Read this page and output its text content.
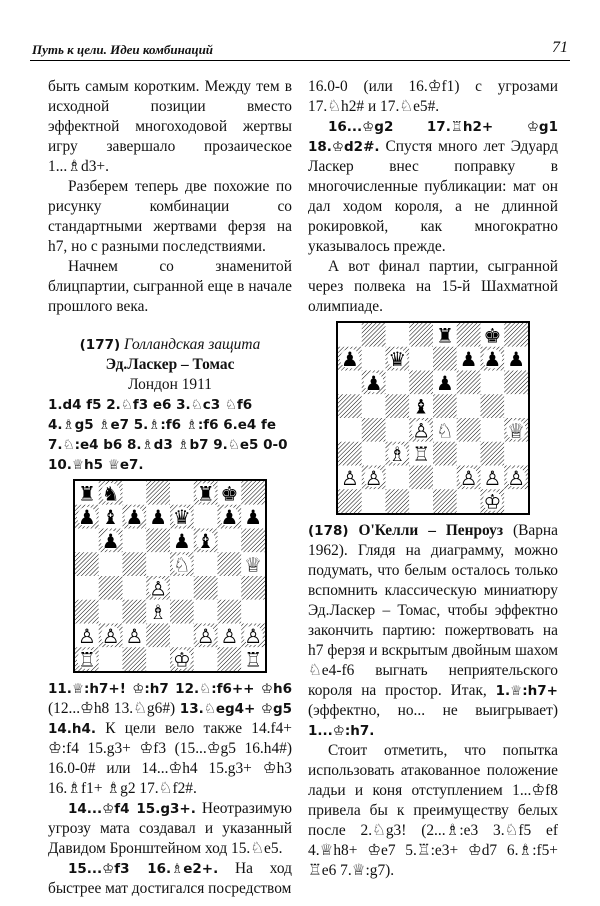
Путь к цели. Идеи комбинаций	71

быть самым коротким. Между тем в исходной позиции вместо эффектной многоходовой жертвы игру завершало прозаическое 1...♗d3+.

Разберем теперь две похожие по рисунку комбинации со стандартными жертвами ферзя на h7, но с разными последствиями.

Начнем со знаменитой блицпартии, сыгранной еще в начале прошлого века.

(177) Голландская защита

Эд.Ласкер – Томас

Лондон 1911

1.d4 f5 2.♘f3 e6 3.♘c3 ♘f6 4.♗g5 ♗e7 5.♗:f6 ♗:f6 6.e4 fe 7.♘:e4 b6 8.♗d3 ♗b7 9.♘e5 0-0 10.♕h5 ♕e7.

♜ ♞	♜ ♚
♟ ♝ ♟ ♟ ♛ ♟ ♟
♟	♟ ♝
♘	♕
♙
♗
♙ ♙ ♙	♙ ♙ ♙
♖	♔	♖

11.♕:h7+! ♔:h7 12.♘:f6++ ♔h6 (12...♔h8 13.♘g6#) 13.♘eg4+ ♔g5 14.h4. К цели вело также 14.f4+ ♔:f4 15.g3+ ♔f3 (15...♔g5 16.h4#) 16.0-0# или 14...♔h4 15.g3+ ♔h3 16.♗f1+ ♗g2 17.♘f2#.

14...♔f4 15.g3+. Неотразимую угрозу мата создавал и указанный Давидом Бронштейном ход 15.♘e5.

15...♔f3 16.♗e2+. На ход быстрее мат достигался посредством

16.0-0 (или 16.♔f1) с угрозами 17.♘h2# и 17.♘e5#.

16...♔g2 17.♖h2+ ♔g1 18.♔d2#. Спустя много лет Эдуард Ласкер внес поправку в многочисленные публикации: мат он дал ходом короля, а не длинной рокировкой, как многократно указывалось прежде.

А вот финал партии, сыгранной через полвека на 15-й Шахматной олимпиаде.

♜ ♚
♟ ♛	♟ ♟ ♟
♟	♟
♝
♙ ♘	♕
♗ ♖
♙ ♙	♙ ♙ ♙
♔

(178) О'Келли – Пенроуз (Варна 1962). Глядя на диаграмму, можно подумать, что белым осталось только вспомнить классическую миниатюру Эд.Ласкер – Томас, чтобы эффектно закончить партию: пожертвовать на h7 ферзя и вскрытым двойным шахом ♘e4-f6 выгнать неприятельского короля на простор. Итак, 1.♕:h7+ (эффектно, но... не выигрывает) 1...♔:h7.

Стоит отметить, что попытка использовать атакованное положение ладьи и коня отступлением 1...♔f8 привела бы к преимуществу белых после 2.♘g3! (2...♗:e3 3.♘f5 ef 4.♕h8+ ♔e7 5.♖:e3+ ♔d7 6.♗:f5+ ♖e6 7.♕:g7).
